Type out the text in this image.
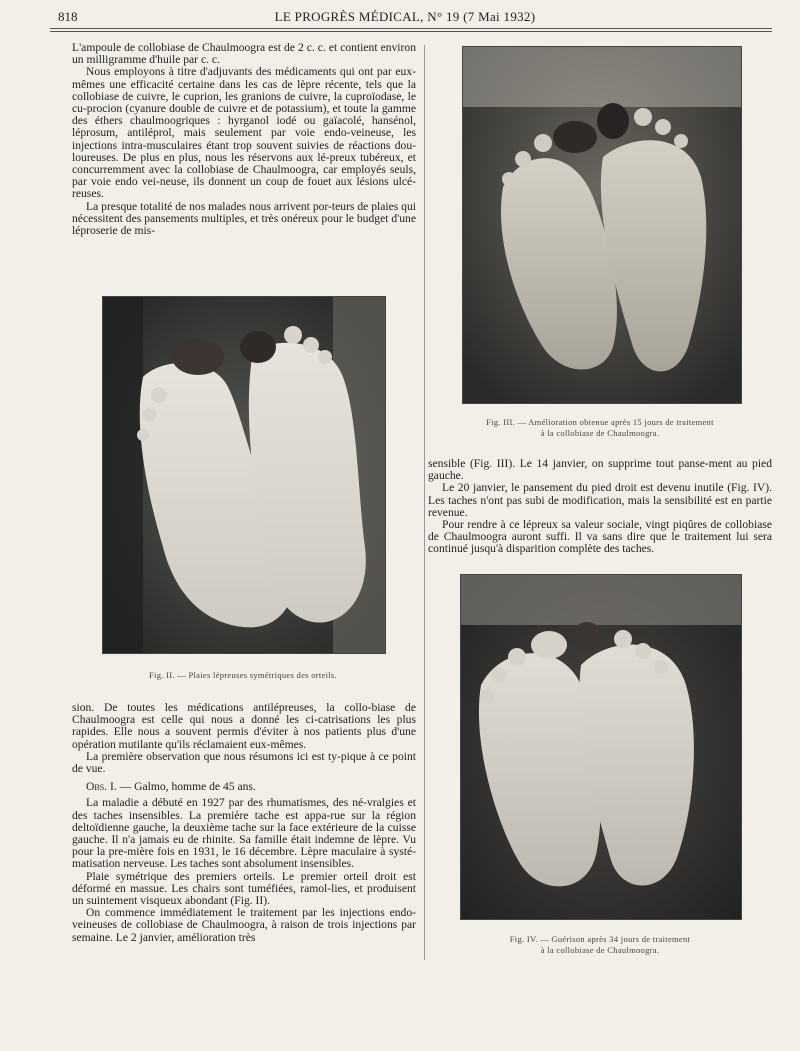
818	LE PROGRÈS MÉDICAL, N° 19 (7 Mai 1932)

L'ampoule de collobiase de Chaulmoogra est de 2 c. c. et contient environ un milligramme d'huile par c. c.

Nous employons à titre d'adjuvants des médicaments qui ont par eux-mêmes une efficacité certaine dans les cas de lèpre récente, tels que la collobiase de cuivre, le cuprion, les granions de cuivre, la cuproïodase, le cu-procion (cyanure double de cuivre et de potassium), et toute la gamme des éthers chaulmoogriques : hyrganol iodé ou gaïacolé, hansénol, léprosum, antiléprol, mais seulement par voie endo-veineuse, les injections intra-musculaires étant trop souvent suivies de réactions dou-loureuses. De plus en plus, nous les réservons aux lé-preux tubéreux, et concurremment avec la collobiase de Chaulmoogra, car employés seuls, par voie endo vei-neuse, ils donnent un coup de fouet aux lésions ulcé-reuses.

La presque totalité de nos malades nous arrivent por-teurs de plaies qui nécessitent des pansements multiples, et très onéreux pour le budget d'une léproserie de mis-

Fig. II. — Plaies lépreuses symétriques des orteils.

sion. De toutes les médications antilépreuses, la collo-biase de Chaulmoogra est celle qui nous a donné les ci-catrisations les plus rapides. Elle nous a souvent permis d'éviter à nos patients plus d'une opération mutilante qu'ils réclamaient eux-mêmes.

La première observation que nous résumons ici est ty-pique à ce point de vue.

Obs. I. — Galmo, homme de 45 ans.

La maladie a débuté en 1927 par des rhumatismes, des né-vralgies et des taches insensibles. La première tache est appa-rue sur la région deltoïdienne gauche, la deuxième tache sur la face extérieure de la cuisse gauche. Il n'a jamais eu de rhinite. Sa famille était indemne de lèpre. Vu pour la pre-mière fois en 1931, le 16 décembre. Lèpre maculaire à systé-matisation nerveuse. Les taches sont absolument insensibles.

Plaie symétrique des premiers orteils. Le premier orteil droit est déformé en massue. Les chairs sont tuméfiées, ramol-lies, et produisent un suintement visqueux abondant (Fig. II).

On commence immédiatement le traitement par les injections endo-veineuses de collobiase de Chaulmoogra, à raison de trois injections par semaine. Le 2 janvier, amélioration très

Fig. III. — Amélioration obtenue après 15 jours de traitement
à la collobiase de Chaulmoogra.

sensible (Fig. III). Le 14 janvier, on supprime tout panse-ment au pied gauche.

Le 20 janvier, le pansement du pied droit est devenu inutile (Fig. IV). Les taches n'ont pas subi de modification, mais la sensibilité est en partie revenue.

Pour rendre à ce lépreux sa valeur sociale, vingt piqûres de collobiase de Chaulmoogra auront suffi. Il va sans dire que le traitement lui sera continué jusqu'à disparition complète des taches.

Fig. IV. — Guérison après 34 jours de traitement
à la collobiase de Chaulmoogra.
